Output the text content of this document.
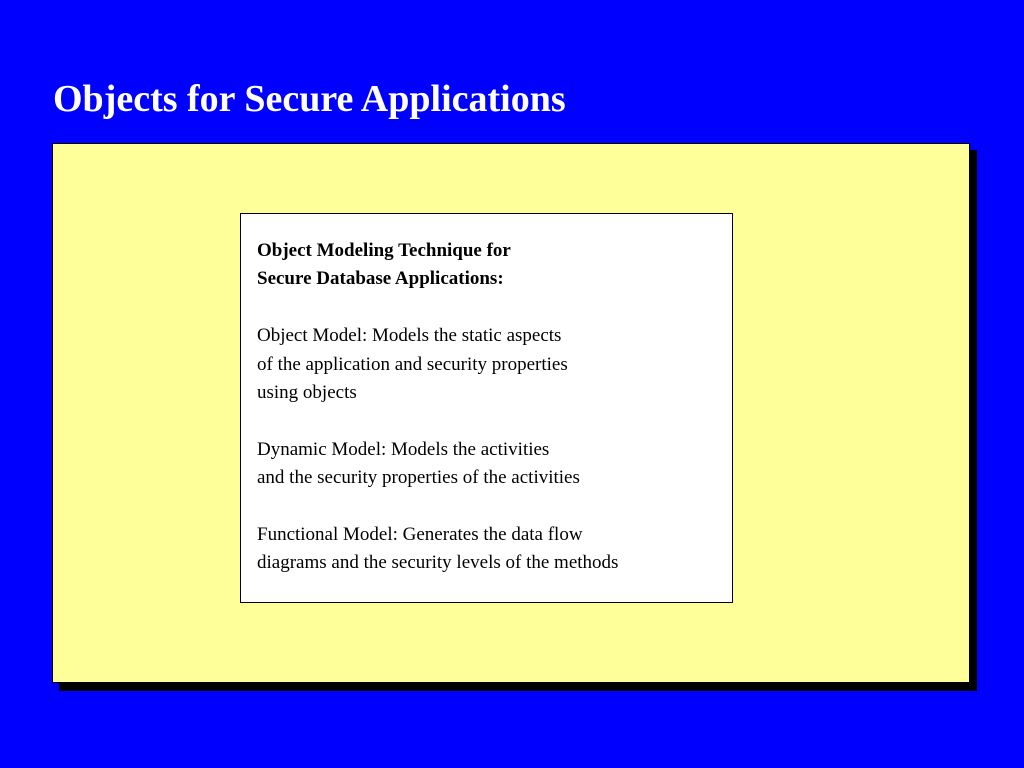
Objects for Secure Applications

Object Modeling Technique for

Secure Database Applications:

Object Model: Models the static aspects

of the application and security properties

using objects

Dynamic Model: Models the activities

and the security properties of the activities

Functional Model: Generates the data flow

diagrams and the security levels of the methods
